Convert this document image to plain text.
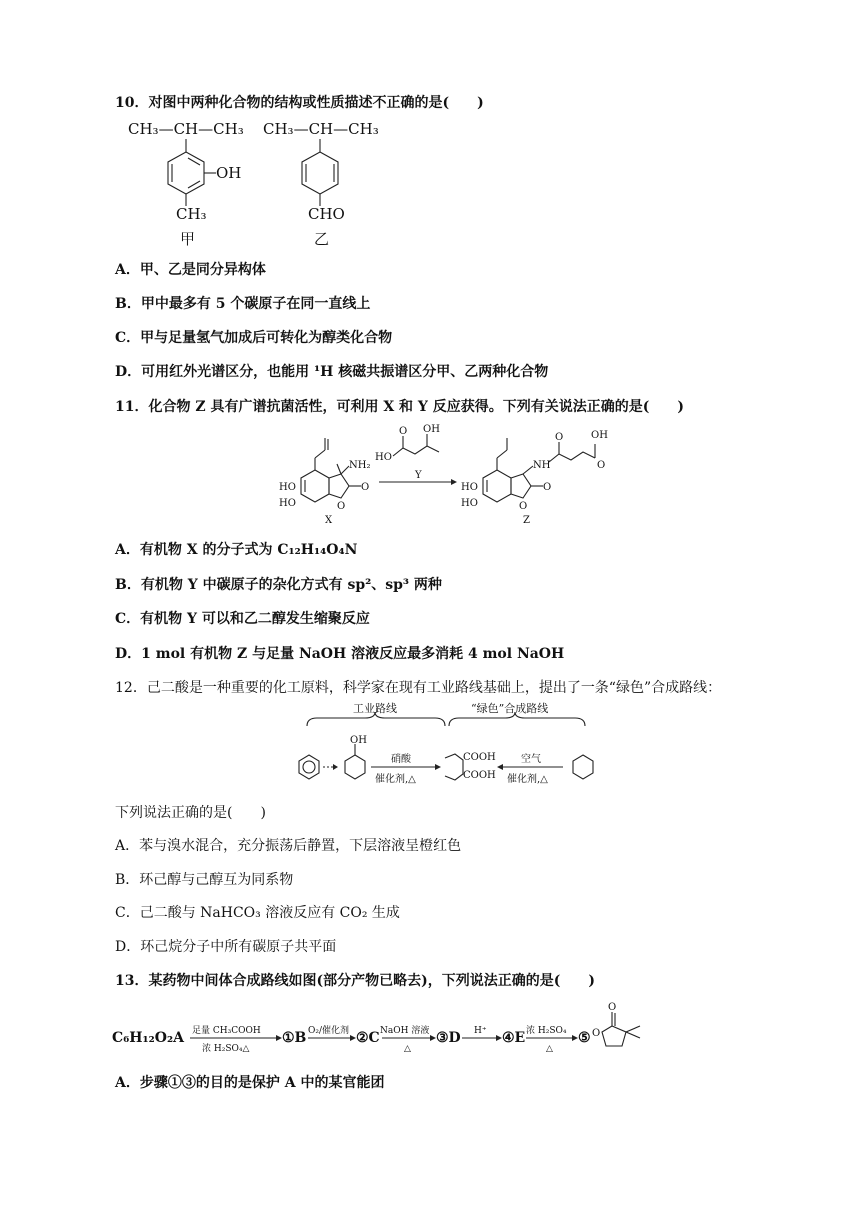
10．对图中两种化合物的结构或性质描述不正确的是(　　)
CH₃—CH—CH₃
OH
CH₃
甲
CH₃—CH—CH₃
CHO
乙
A．甲、乙是同分异构体
B．甲中最多有 5 个碳原子在同一直线上
C．甲与足量氢气加成后可转化为醇类化合物
D．可用红外光谱区分，也能用 ¹H 核磁共振谱区分甲、乙两种化合物
11．化合物 Z 具有广谱抗菌活性，可利用 X 和 Y 反应获得。下列有关说法正确的是(　　)
NH₂
O
O
HO
HO
X
HO
OH
O
Y
NH
O	OH
O
O
O
HO
HO
Z
A．有机物 X 的分子式为 C₁₂H₁₄O₄N
B．有机物 Y 中碳原子的杂化方式有 sp²、sp³ 两种
C．有机物 Y 可以和乙二醇发生缩聚反应
D．1 mol 有机物 Z 与足量 NaOH 溶液反应最多消耗 4 mol NaOH
12．己二酸是一种重要的化工原料，科学家在现有工业路线基础上，提出了一条“绿色”合成路线：
工业路线	“绿色”合成路线
OH
硝酸
催化剂,△
COOH
COOH
空气
催化剂,△
下列说法正确的是(　　)
A．苯与溴水混合，充分振荡后静置，下层溶液呈橙红色
B．环己醇与己醇互为同系物
C．己二酸与 NaHCO₃ 溶液反应有 CO₂ 生成
D．环己烷分子中所有碳原子共平面
13．某药物中间体合成路线如图(部分产物已略去)，下列说法正确的是(　　)
C₆H₁₂O₂A 足量 CH₃COOH
浓 H₂SO₄△
①B O₂/催化剂 ②C NaOH 溶液
△
③D H⁺ ④E 浓 H₂SO₄
△
⑤
O
O
A．步骤①③的目的是保护 A 中的某官能团
